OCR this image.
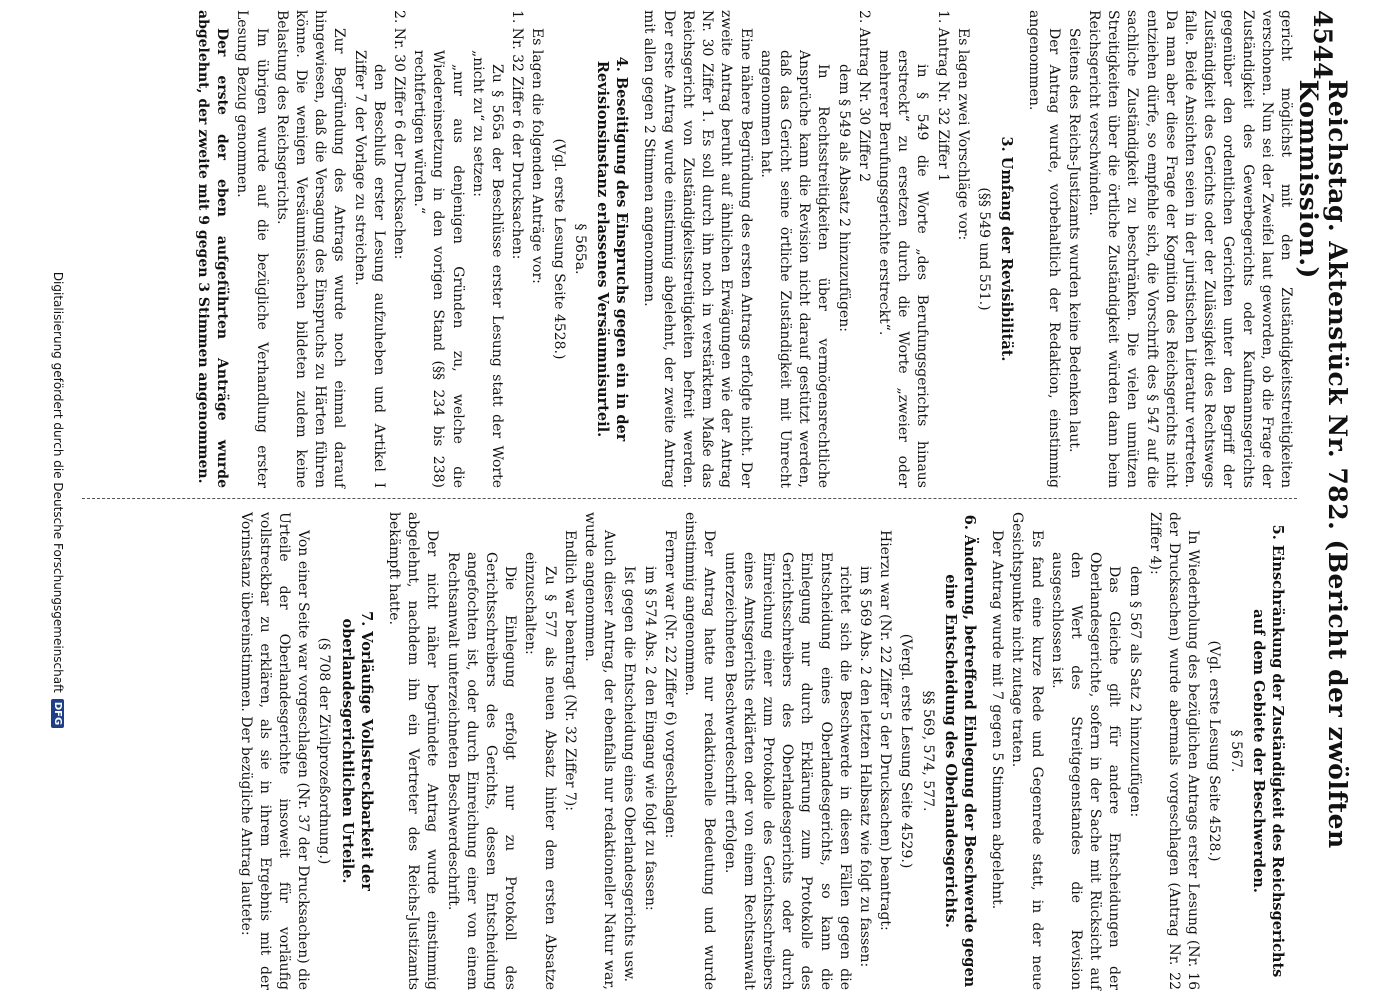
4544
Reichstag. Aktenstück Nr. 782. (Bericht der zwölften Kommission.)
gericht möglichst mit den Zuständigkeitsstreitigkeiten verschonen. Nun sei der Zweifel laut geworden, ob die Frage der Zuständigkeit des Gewerbegerichts oder Kaufmannsgerichts gegenüber den ordentlichen Gerichten unter den Begriff der Zuständigkeit des Gerichts oder der Zulässigkeit des Rechtswegs falle. Beide Ansichten seien in der juristischen Literatur vertreten. Da man aber diese Frage der Kognition des Reichsgerichts nicht entziehen dürfe, so empfehle sich, die Vorschrift des § 547 auf die sachliche Zuständigkeit zu beschränken. Die vielen unnützen Streitigkeiten über die örtliche Zuständigkeit würden dann beim Reichsgericht verschwinden.
Seitens des Reichs-Justizamts wurden keine Bedenken laut.
Der Antrag wurde, vorbehaltlich der Redaktion, einstimmig angenommen.
3. Umfang der Revisibilität.
(§§ 549 und 551.)
Es lagen zwei Vorschläge vor:
1. Antrag Nr. 32 Ziffer 1
in § 549 die Worte „des Berufungsgerichts hinaus erstreckt“ zu ersetzen durch die Worte „zweier oder mehrerer Berufungsgerichte erstreckt“.
2. Antrag Nr. 30 Ziffer 2
dem § 549 als Absatz 2 hinzuzufügen:
In Rechtsstreitigkeiten über vermögensrechtliche Ansprüche kann die Revision nicht darauf gestützt werden, daß das Gericht seine örtliche Zuständigkeit mit Unrecht angenommen hat.
Eine nähere Begründung des ersten Antrags erfolgte nicht. Der zweite Antrag beruht auf ähnlichen Erwägungen wie der Antrag Nr. 30 Ziffer 1. Es soll durch ihn noch in verstärktem Maße das Reichsgericht von Zuständigkeitsstreitigkeiten befreit werden. Der erste Antrag wurde einstimmig abgelehnt, der zweite Antrag mit allen gegen 2 Stimmen angenommen.
4. Beseitigung des Einspruchs gegen ein in der Revisionsinstanz erlassenes Versäumnisurteil.
§ 565a.
(Vgl. erste Lesung Seite 4528.)
Es lagen die folgenden Anträge vor:
1. Nr. 32 Ziffer 6 der Drucksachen:
Zu § 565a der Beschlüsse erster Lesung statt der Worte „nicht zu“ zu setzen:
„nur aus denjenigen Gründen zu, welche die Wiedereinsetzung in den vorigen Stand (§§ 234 bis 238) rechtfertigen würden.“
2. Nr. 30 Ziffer 6 der Drucksachen:
den Beschluß erster Lesung aufzuheben und Artikel I Ziffer 7 der Vorlage zu streichen.
Zur Begründung des Antrags wurde noch einmal darauf hingewiesen, daß die Versagung des Einspruchs zu Härten führen könne. Die wenigen Versäumnissachen bildeten zudem keine Belastung des Reichsgerichts.
Im übrigen wurde auf die bezügliche Verhandlung erster Lesung Bezug genommen.
Der erste der eben aufgeführten Anträge wurde abgelehnt, der zweite mit 9 gegen 3 Stimmen angenommen.
5. Einschränkung der Zuständigkeit des Reichsgerichts auf dem Gebiete der Beschwerden.
§ 567.
(Vgl. erste Lesung Seite 4528.)
In Wiederholung des bezüglichen Antrags erster Lesung (Nr. 16 der Drucksachen) wurde abermals vorgeschlagen (Antrag Nr. 22 Ziffer 4):
dem § 567 als Satz 2 hinzuzufügen:
Das Gleiche gilt für andere Entscheidungen der Oberlandesgerichte, sofern in der Sache mit Rücksicht auf den Wert des Streitgegenstandes die Revision ausgeschlossen ist.
Es fand eine kurze Rede und Gegenrede statt, in der neue Gesichtspunkte nicht zutage traten.
Der Antrag wurde mit 7 gegen 5 Stimmen abgelehnt.
6. Änderung, betreffend Einlegung der Beschwerde gegen eine Entscheidung des Oberlandesgerichts.
§§ 569, 574, 577.
(Vergl. erste Lesung Seite 4529.)
Hierzu war (Nr. 22 Ziffer 5 der Drucksachen) beantragt:
im § 569 Abs. 2 den letzten Halbsatz wie folgt zu fassen:
richtet sich die Beschwerde in diesen Fällen gegen die Entscheidung eines Oberlandesgerichts, so kann die Einlegung nur durch Erklärung zum Protokolle des Gerichtsschreibers des Oberlandesgerichts oder durch Einreichung einer zum Protokolle des Gerichtsschreibers eines Amtsgerichts erklärten oder von einem Rechtsanwalt unterzeichneten Beschwerdeschrift erfolgen.
Der Antrag hatte nur redaktionelle Bedeutung und wurde einstimmig angenommen.
Ferner war (Nr. 22 Ziffer 6) vorgeschlagen:
im § 574 Abs. 2 den Eingang wie folgt zu fassen:
Ist gegen die Entscheidung eines Oberlandesgerichts usw.
Auch dieser Antrag, der ebenfalls nur redaktioneller Natur war, wurde angenommen.
Endlich war beantragt (Nr. 32 Ziffer 7):
Zu § 577 als neuen Absatz hinter dem ersten Absatze einzuschalten:
Die Einlegung erfolgt nur zu Protokoll des Gerichtsschreibers des Gerichts, dessen Entscheidung angefochten ist, oder durch Einreichung einer von einem Rechtsanwalt unterzeichneten Beschwerdeschrift.
Der nicht näher begründete Antrag wurde einstimmig abgelehnt, nachdem ihn ein Vertreter des Reichs-Justizamts bekämpft hatte.
7. Vorläufige Vollstreckbarkeit der oberlandesgerichtlichen Urteile.
(§ 708 der Zivilprozeßordnung.)
Von einer Seite war vorgeschlagen (Nr. 37 der Drucksachen) die Urteile der Oberlandesgerichte insoweit für vorläufig vollstreckbar zu erklären, als sie in ihrem Ergebnis mit der Vorinstanz übereinstimmen. Der bezügliche Antrag lautete:
Digitalisierung gefördert durch die Deutsche Forschungsgemeinschaft
DFG
